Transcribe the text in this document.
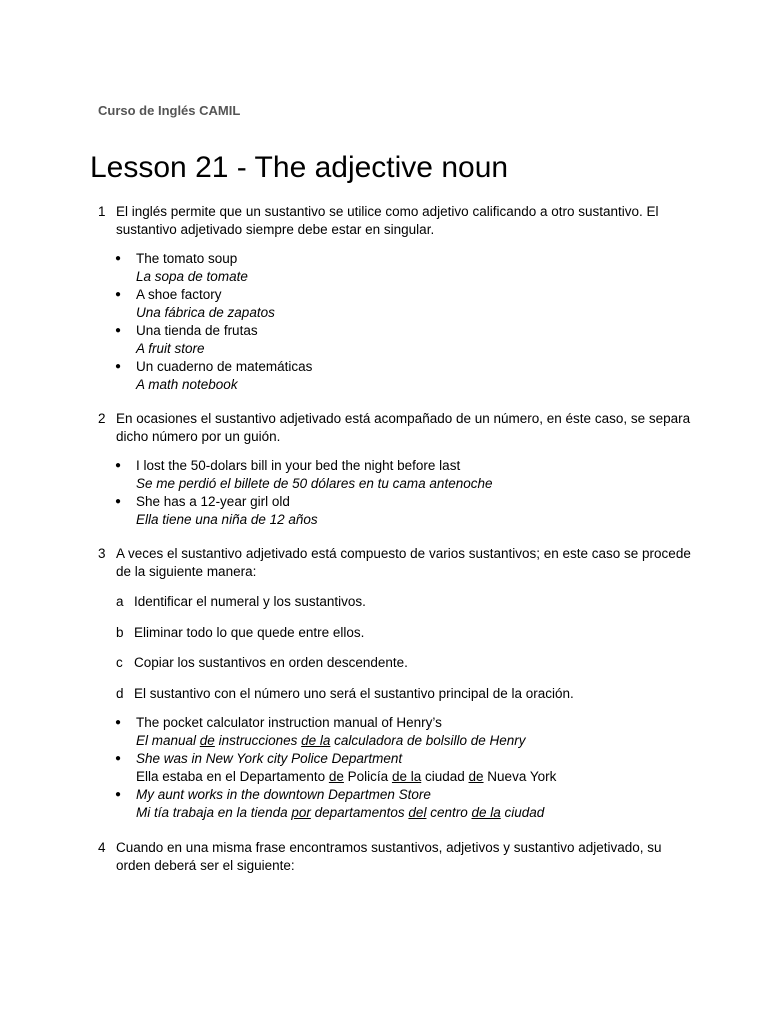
Curso de Inglés CAMIL
Lesson 21 - The adjective noun
1 El inglés permite que un sustantivo se utilice como adjetivo calificando a otro sustantivo. El sustantivo adjetivado siempre debe estar en singular.
● The tomato soup
La sopa de tomate
● A shoe factory
Una fábrica de zapatos
● Una tienda de frutas
A fruit store
● Un cuaderno de matemáticas
A math notebook
2 En ocasiones el sustantivo adjetivado está acompañado de un número, en éste caso, se separa dicho número por un guión.
● I lost the 50-dolars bill in your bed the night before last
Se me perdió el billete de 50 dólares en tu cama antenoche
● She has a 12-year girl old
Ella tiene una niña de 12 años
3 A veces el sustantivo adjetivado está compuesto de varios sustantivos; en este caso se procede de la siguiente manera:
a Identificar el numeral y los sustantivos.
b Eliminar todo lo que quede entre ellos.
c Copiar los sustantivos en orden descendente.
d El sustantivo con el número uno será el sustantivo principal de la oración.
● The pocket calculator instruction manual of Henry’s
El manual de instrucciones de la calculadora de bolsillo de Henry
● She was in New York city Police Department
Ella estaba en el Departamento de Policía de la ciudad de Nueva York
● My aunt works in the downtown Departmen Store
Mi tía trabaja en la tienda por departamentos del centro de la ciudad
4 Cuando en una misma frase encontramos sustantivos, adjetivos y sustantivo adjetivado, su orden deberá ser el siguiente:
